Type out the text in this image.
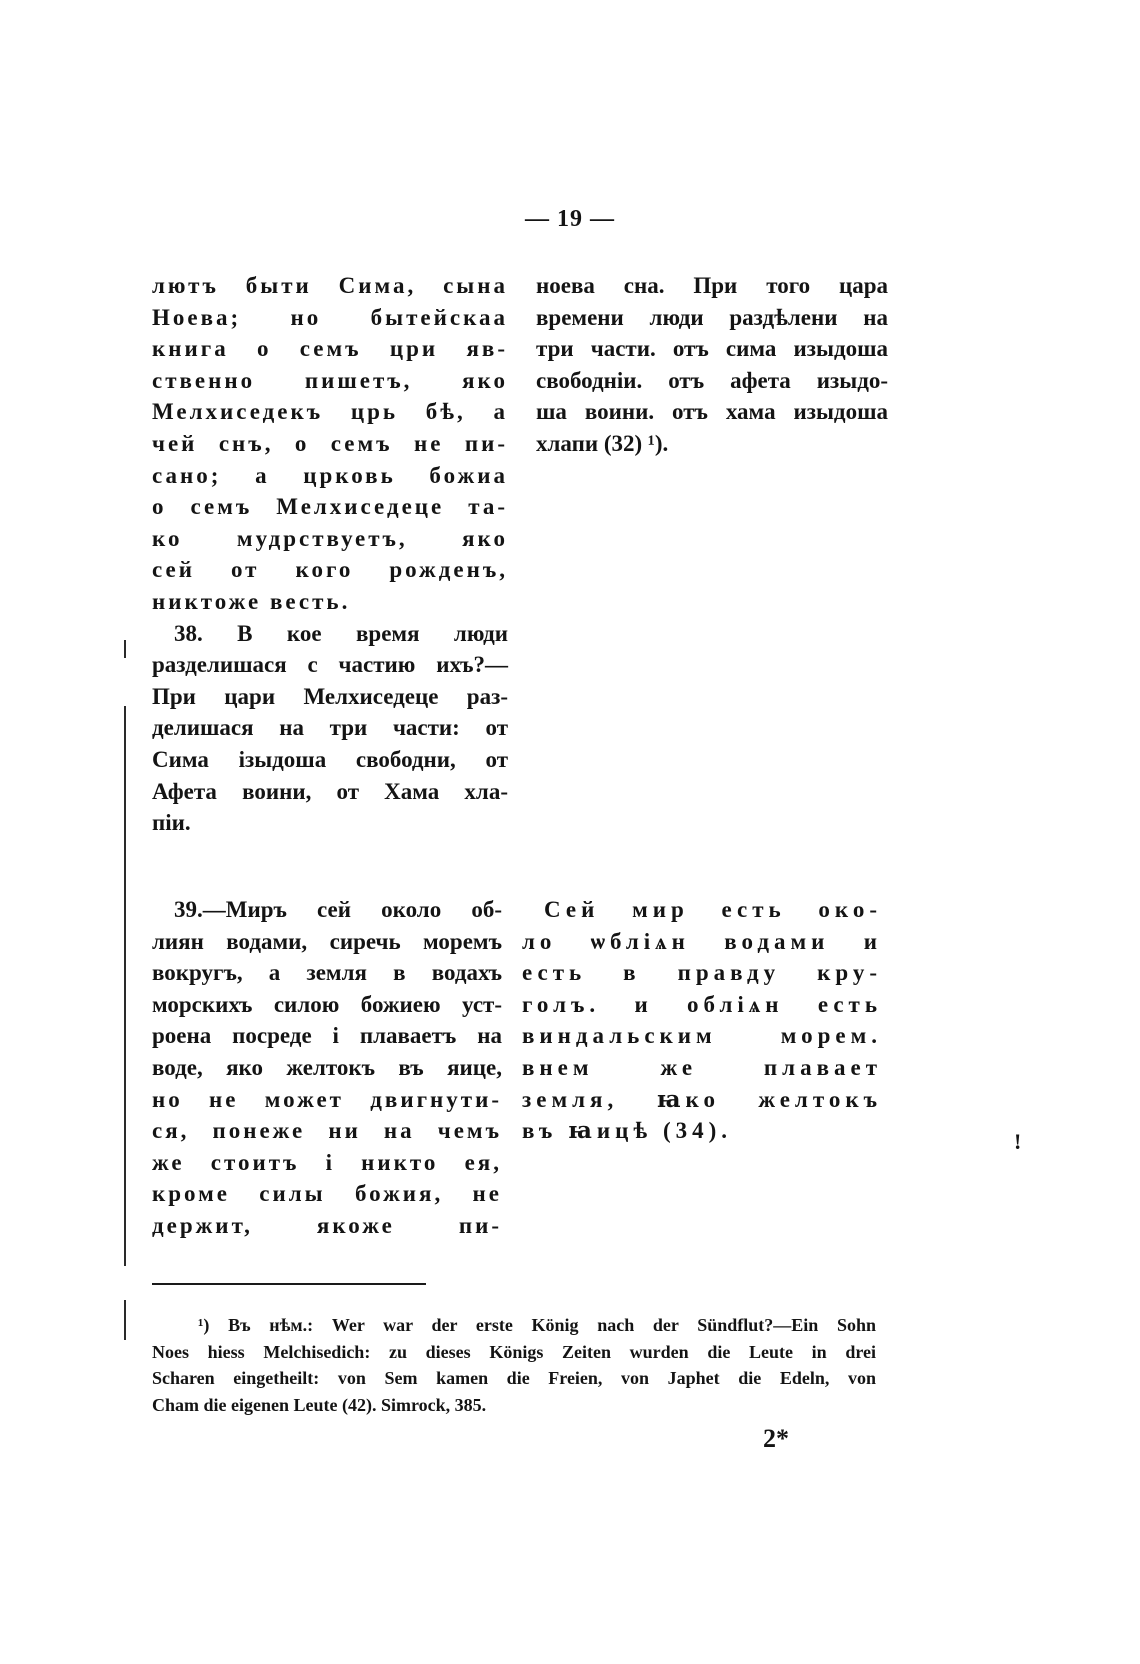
— 19 —
лютъ быти Сима, сына
Ноева; но бытейскаа
книга о семъ цри яв-
ственно пишетъ, яко
Мелхиседекъ црь бѣ, а
чей снъ, о семъ не пи-
сано; а црковь божиа
о семъ Мелхиседеце та-
ко мудрствуетъ, яко
сей от кого рожденъ,
никтоже весть.
38. В кое время люди
разделишася с частию ихъ?—
При цари Мелхиседеце раз-
делишася на три части: от
Сима ізыдоша свободни, от
Афета воини, от Хама хла-
піи.
ноева сна. При того цара
времени люди раздѣлени на
три части. отъ сима изыдоша
свободніи. отъ афета изыдо-
ша воини. отъ хама изыдоша
хлапи (32) ¹).
39.—Миръ сей около об-
лиян водами, сиречь моремъ
вокругъ, а земля в водахъ
морскихъ силою божиею уст-
роена посреде і плаваетъ на
воде, яко желтокъ въ яице,
но не может двигнути-
ся, понеже ни на чемъ
же стоитъ і никто ея,
кроме силы божия, не
держит, якоже пи-
Сей мир есть око-
ло ѡбліѧн водами и
есть в правду кру-
голъ. и обліѧн есть
виндальским морем.
внем же плавает
земля, ꙗко желтокъ
въ ꙗицѣ (34).	!
¹) Въ нѣм.: Wer war der erste König nach der Sündflut?—Ein Sohn
Noes hiess Melchisedich: zu dieses Königs Zeiten wurden die Leute in drei
Scharen eingetheilt: von Sem kamen die Freien, von Japhet die Edeln, von
Cham die eigenen Leute (42). Simrock, 385.
2*
